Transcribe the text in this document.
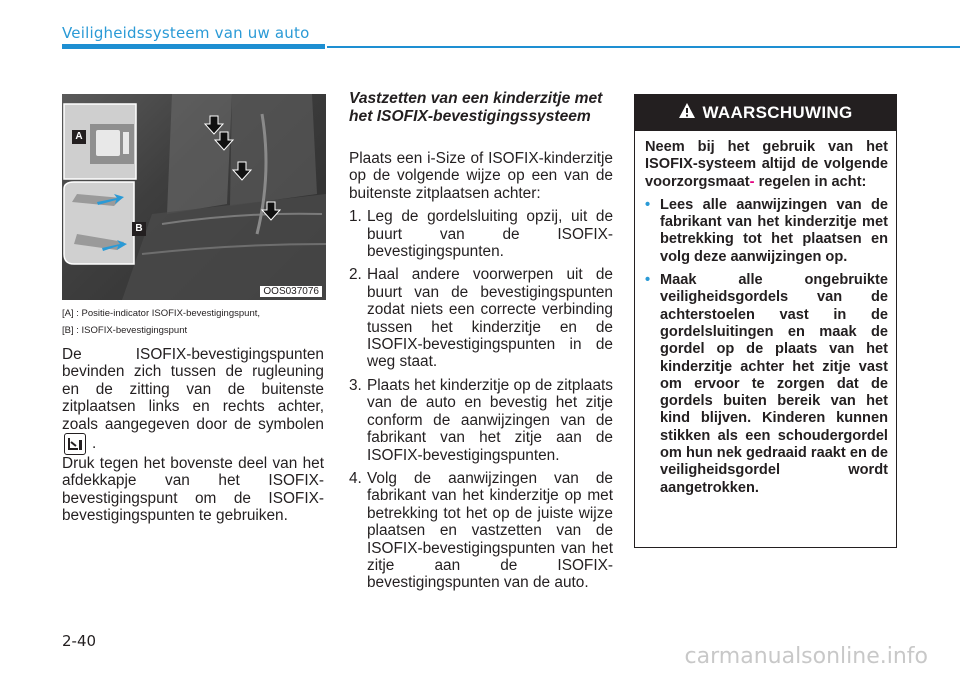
Veiligheidssysteem van uw auto
A
B
OOS037076
[A] : Positie-indicator ISOFIX-bevestigingspunt,
[B] : ISOFIX-bevestigingspunt
De ISOFIX-bevestigingspunten bevinden zich tussen de rugleuning en de zitting van de buitenste zitplaatsen links en rechts achter, zoals aangegeven door de symbolen .
Druk tegen het bovenste deel van het afdekkapje van het ISOFIX-bevestigingspunt om de ISOFIX-bevestigingspunten te gebruiken.
Vastzetten van een kinderzitje met het ISOFIX-bevestigingssysteem
Plaats een i-Size of ISOFIX-kinderzitje op de volgende wijze op een van de buitenste zitplaatsen achter:
1. Leg de gordelsluiting opzij, uit de buurt van de ISOFIX-bevestigingspunten.
2. Haal andere voorwerpen uit de buurt van de bevestigingspunten zodat niets een correcte verbinding tussen het kinderzitje en de ISOFIX-bevestigingspunten in de weg staat.
3. Plaats het kinderzitje op de zitplaats van de auto en bevestig het zitje conform de aanwijzingen van de fabrikant van het zitje aan de ISOFIX-bevestigingspunten.
4. Volg de aanwijzingen van de fabrikant van het kinderzitje op met betrekking tot het op de juiste wijze plaatsen en vastzetten van de ISOFIX-bevestigingspunten van het zitje aan de ISOFIX-bevestigingspunten van de auto.
WAARSCHUWING
Neem bij het gebruik van het ISOFIX-systeem altijd de volgende voorzorgsmaat- regelen in acht:
• Lees alle aanwijzingen van de fabrikant van het kinderzitje met betrekking tot het plaatsen en volg deze aanwijzingen op.
• Maak alle ongebruikte veiligheidsgordels van de achterstoelen vast in de gordelsluitingen en maak de gordel op de plaats van het kinderzitje achter het zitje vast om ervoor te zorgen dat de gordels buiten bereik van het kind blijven. Kinderen kunnen stikken als een schoudergordel om hun nek gedraaid raakt en de veiligheidsgordel wordt aangetrokken.
2-40
carmanualsonline.info
